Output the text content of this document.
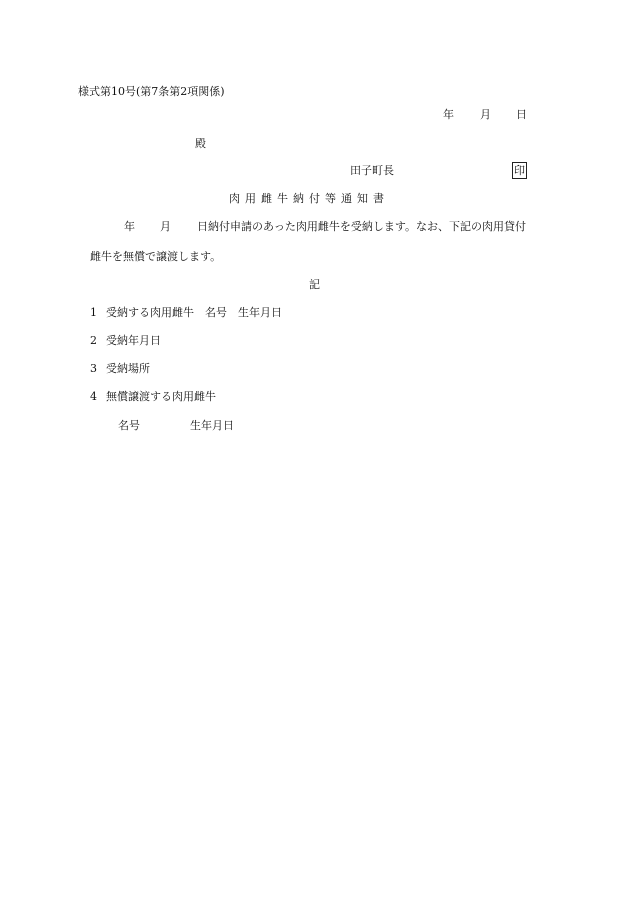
様式第10号(第7条第2項関係)
年 月 日
殿
田子町長	印
肉用雌牛納付等通知書
年 月 日納付申請のあった肉用雌牛を受納します。なお、下記の肉用貸付
雌牛を無償で譲渡します。
記
1 受納する肉用雌牛　名号　生年月日
2 受納年月日
3 受納場所
4 無償譲渡する肉用雌牛
名号	生年月日
